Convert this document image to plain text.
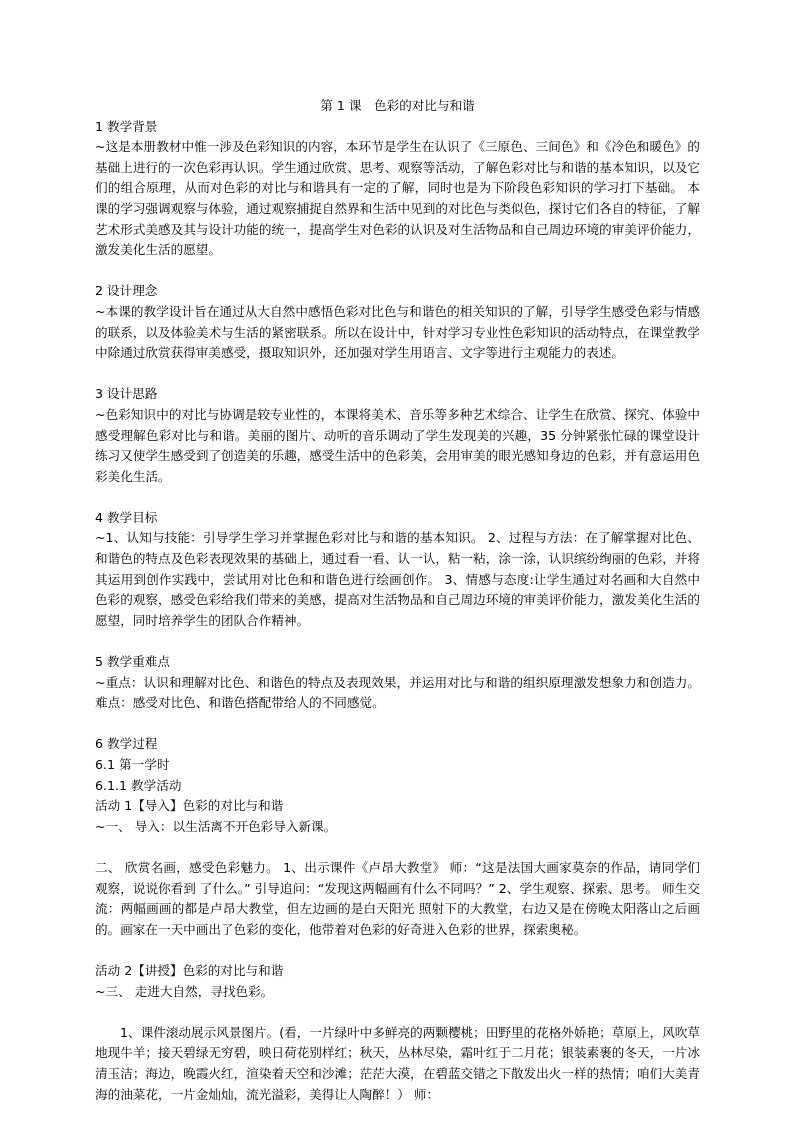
第 1 课　色彩的对比与和谐

1 教学背景

~这是本册教材中惟一涉及色彩知识的内容，本环节是学生在认识了《三原色、三间色》和《冷色和暖色》的基础上进行的一次色彩再认识。学生通过欣赏、思考、观察等活动，了解色彩对比与和谐的基本知识，以及它们的组合原理，从而对色彩的对比与和谐具有一定的了解，同时也是为下阶段色彩知识的学习打下基础。 本课的学习强调观察与体验，通过观察捕捉自然界和生活中见到的对比色与类似色，探讨它们各自的特征，了解艺术形式美感及其与设计功能的统一，提高学生对色彩的认识及对生活物品和自己周边环境的审美评价能力，激发美化生活的愿望。

2 设计理念

~本课的教学设计旨在通过从大自然中感悟色彩对比色与和谐色的相关知识的了解，引导学生感受色彩与情感的联系，以及体验美术与生活的紧密联系。所以在设计中，针对学习专业性色彩知识的活动特点，在课堂教学中除通过欣赏获得审美感受，摄取知识外，还加强对学生用语言、文字等进行主观能力的表述。

3 设计思路

~色彩知识中的对比与协调是较专业性的，本课将美术、音乐等多种艺术综合、让学生在欣赏、探究、体验中感受理解色彩对比与和谐。美丽的图片、动听的音乐调动了学生发现美的兴趣，35 分钟紧张忙碌的课堂设计练习又使学生感受到了创造美的乐趣，感受生活中的色彩美，会用审美的眼光感知身边的色彩，并有意运用色彩美化生活。

4 教学目标

~1、认知与技能：引导学生学习并掌握色彩对比与和谐的基本知识。 2、过程与方法：在了解掌握对比色、和谐色的特点及色彩表现效果的基础上，通过看一看、认一认，粘一粘，涂一涂，认识缤纷绚丽的色彩，并将其运用到创作实践中，尝试用对比色和和谐色进行绘画创作。 3、情感与态度:让学生通过对名画和大自然中色彩的观察，感受色彩给我们带来的美感，提高对生活物品和自己周边环境的审美评价能力，激发美化生活的愿望，同时培养学生的团队合作精神。

5 教学重难点

~重点：认识和理解对比色、和谐色的特点及表现效果，并运用对比与和谐的组织原理激发想象力和创造力。 难点：感受对比色、和谐色搭配带给人的不同感觉。

6 教学过程

6.1 第一学时

6.1.1 教学活动

活动 1【导入】色彩的对比与和谐

~一、 导入：以生活离不开色彩导入新课。

二、 欣赏名画，感受色彩魅力。 1、出示课件《卢昂大教堂》 师：“这是法国大画家莫奈的作品，请同学们观察，说说你看到 了什么。” 引导追问：“发现这两幅画有什么不同吗？” 2、学生观察、探索、思考。 师生交流：两幅画画的都是卢昂大教堂，但左边画的是白天阳光 照射下的大教堂，右边又是在傍晚太阳落山之后画的。画家在一天中画出了色彩的变化，他带着对色彩的好奇进入色彩的世界，探索奥秘。

活动 2【讲授】色彩的对比与和谐

~三、 走进大自然，寻找色彩。

1、课件滚动展示风景图片。(看，一片绿叶中多鲜亮的两颗樱桃；田野里的花格外娇艳；草原上，风吹草地现牛羊；接天碧绿无穷碧，映日荷花别样红；秋天，丛林尽染，霜叶红于二月花；银装素裹的冬天，一片冰清玉洁；海边，晚霞火红，渲染着天空和沙滩；茫茫大漠，在碧蓝交错之下散发出火一样的热情；咱们大美青海的油菜花，一片金灿灿，流光溢彩，美得让人陶醉！） 师：
